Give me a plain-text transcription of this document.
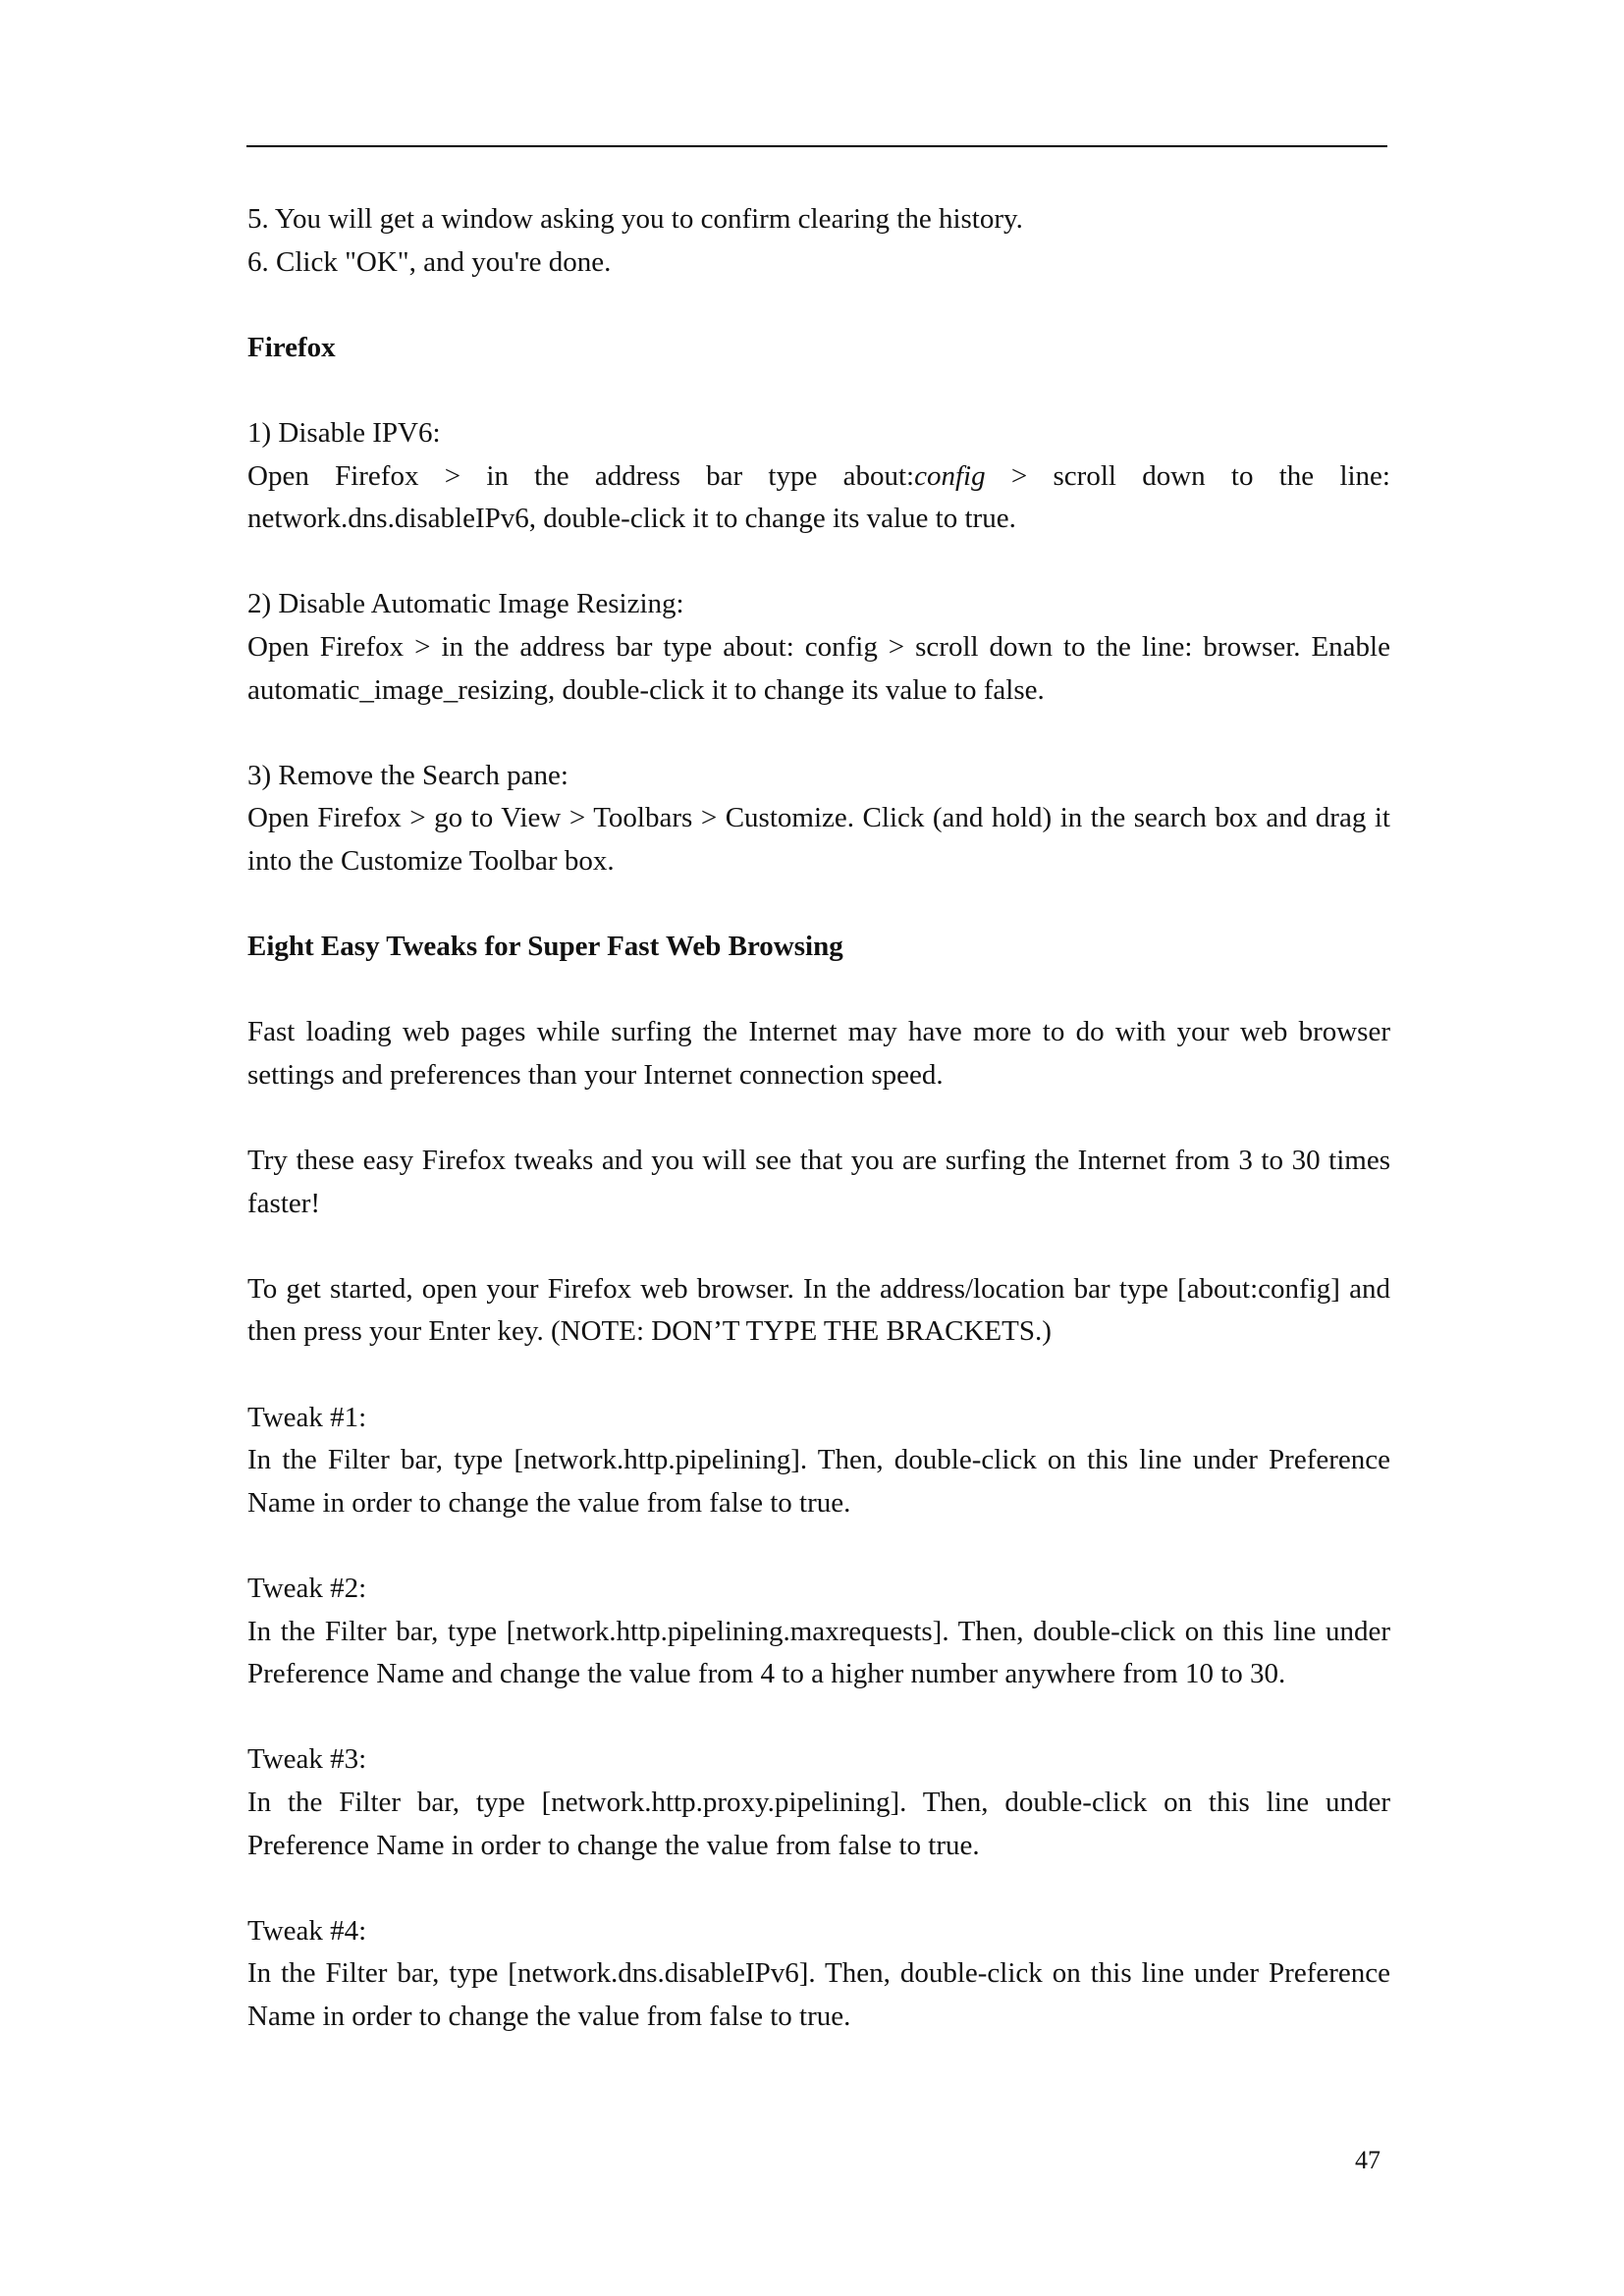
5. You will get a window asking you to confirm clearing the history.
6. Click "OK", and you're done.
Firefox
1) Disable IPV6:
Open Firefox > in the address bar type about:config > scroll down to the line:
network.dns.disableIPv6, double-click it to change its value to true.
2) Disable Automatic Image Resizing:
Open Firefox > in the address bar type about: config > scroll down to the line: browser. Enable
automatic_image_resizing, double-click it to change its value to false.
3) Remove the Search pane:
Open Firefox > go to View > Toolbars > Customize. Click (and hold) in the search box and drag it
into the Customize Toolbar box.
Eight Easy Tweaks for Super Fast Web Browsing
Fast loading web pages while surfing the Internet may have more to do with your web browser
settings and preferences than your Internet connection speed.
Try these easy Firefox tweaks and you will see that you are surfing the Internet from 3 to 30 times
faster!
To get started, open your Firefox web browser. In the address/location bar type [about:config] and
then press your Enter key. (NOTE: DON’T TYPE THE BRACKETS.)
Tweak #1:
In the Filter bar, type [network.http.pipelining]. Then, double-click on this line under Preference
Name in order to change the value from false to true.
Tweak #2:
In the Filter bar, type [network.http.pipelining.maxrequests]. Then, double-click on this line under
Preference Name and change the value from 4 to a higher number anywhere from 10 to 30.
Tweak #3:
In the Filter bar, type [network.http.proxy.pipelining]. Then, double-click on this line under
Preference Name in order to change the value from false to true.
Tweak #4:
In the Filter bar, type [network.dns.disableIPv6]. Then, double-click on this line under Preference
Name in order to change the value from false to true.
47
